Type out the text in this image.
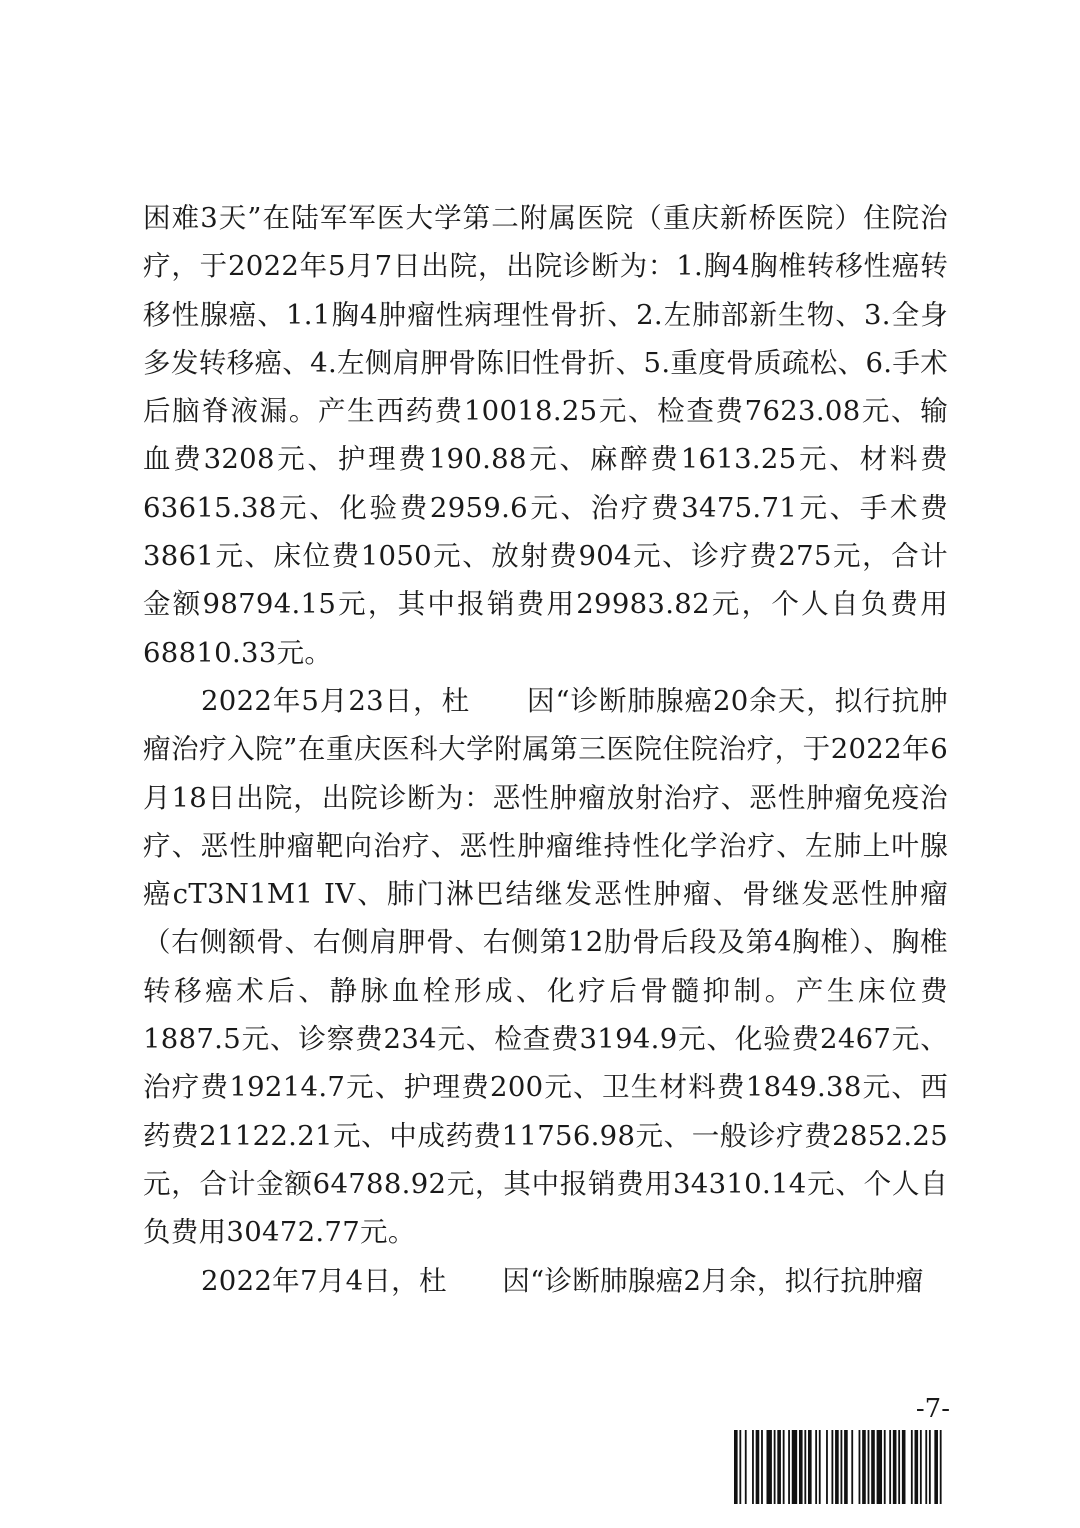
困难3天”在陆军军医大学第二附属医院（重庆新桥医院）住院治疗，于2022年5月7日出院，出院诊断为：1.胸4胸椎转移性癌转移性腺癌、1.1胸4肿瘤性病理性骨折、2.左肺部新生物、3.全身多发转移癌、4.左侧肩胛骨陈旧性骨折、5.重度骨质疏松、6.手术后脑脊液漏。产生西药费10018.25元、检查费7623.08元、输血费3208元、护理费190.88元、麻醉费1613.25元、材料费63615.38元、化验费2959.6元、治疗费3475.71元、手术费3861元、床位费1050元、放射费904元、诊疗费275元，合计金额98794.15元，其中报销费用29983.82元，个人自负费用68810.33元。

2022年5月23日，杜　　因“诊断肺腺癌20余天，拟行抗肿瘤治疗入院”在重庆医科大学附属第三医院住院治疗，于2022年6月18日出院，出院诊断为：恶性肿瘤放射治疗、恶性肿瘤免疫治疗、恶性肿瘤靶向治疗、恶性肿瘤维持性化学治疗、左肺上叶腺癌cT3N1M1 IV、肺门淋巴结继发恶性肿瘤、骨继发恶性肿瘤（右侧额骨、右侧肩胛骨、右侧第12肋骨后段及第4胸椎）、胸椎转移癌术后、静脉血栓形成、化疗后骨髓抑制。产生床位费1887.5元、诊察费234元、检查费3194.9元、化验费2467元、治疗费19214.7元、护理费200元、卫生材料费1849.38元、西药费21122.21元、中成药费11756.98元、一般诊疗费2852.25元，合计金额64788.92元，其中报销费用34310.14元、个人自负费用30472.77元。

2022年7月4日，杜　　因“诊断肺腺癌2月余，拟行抗肿瘤

-7-
